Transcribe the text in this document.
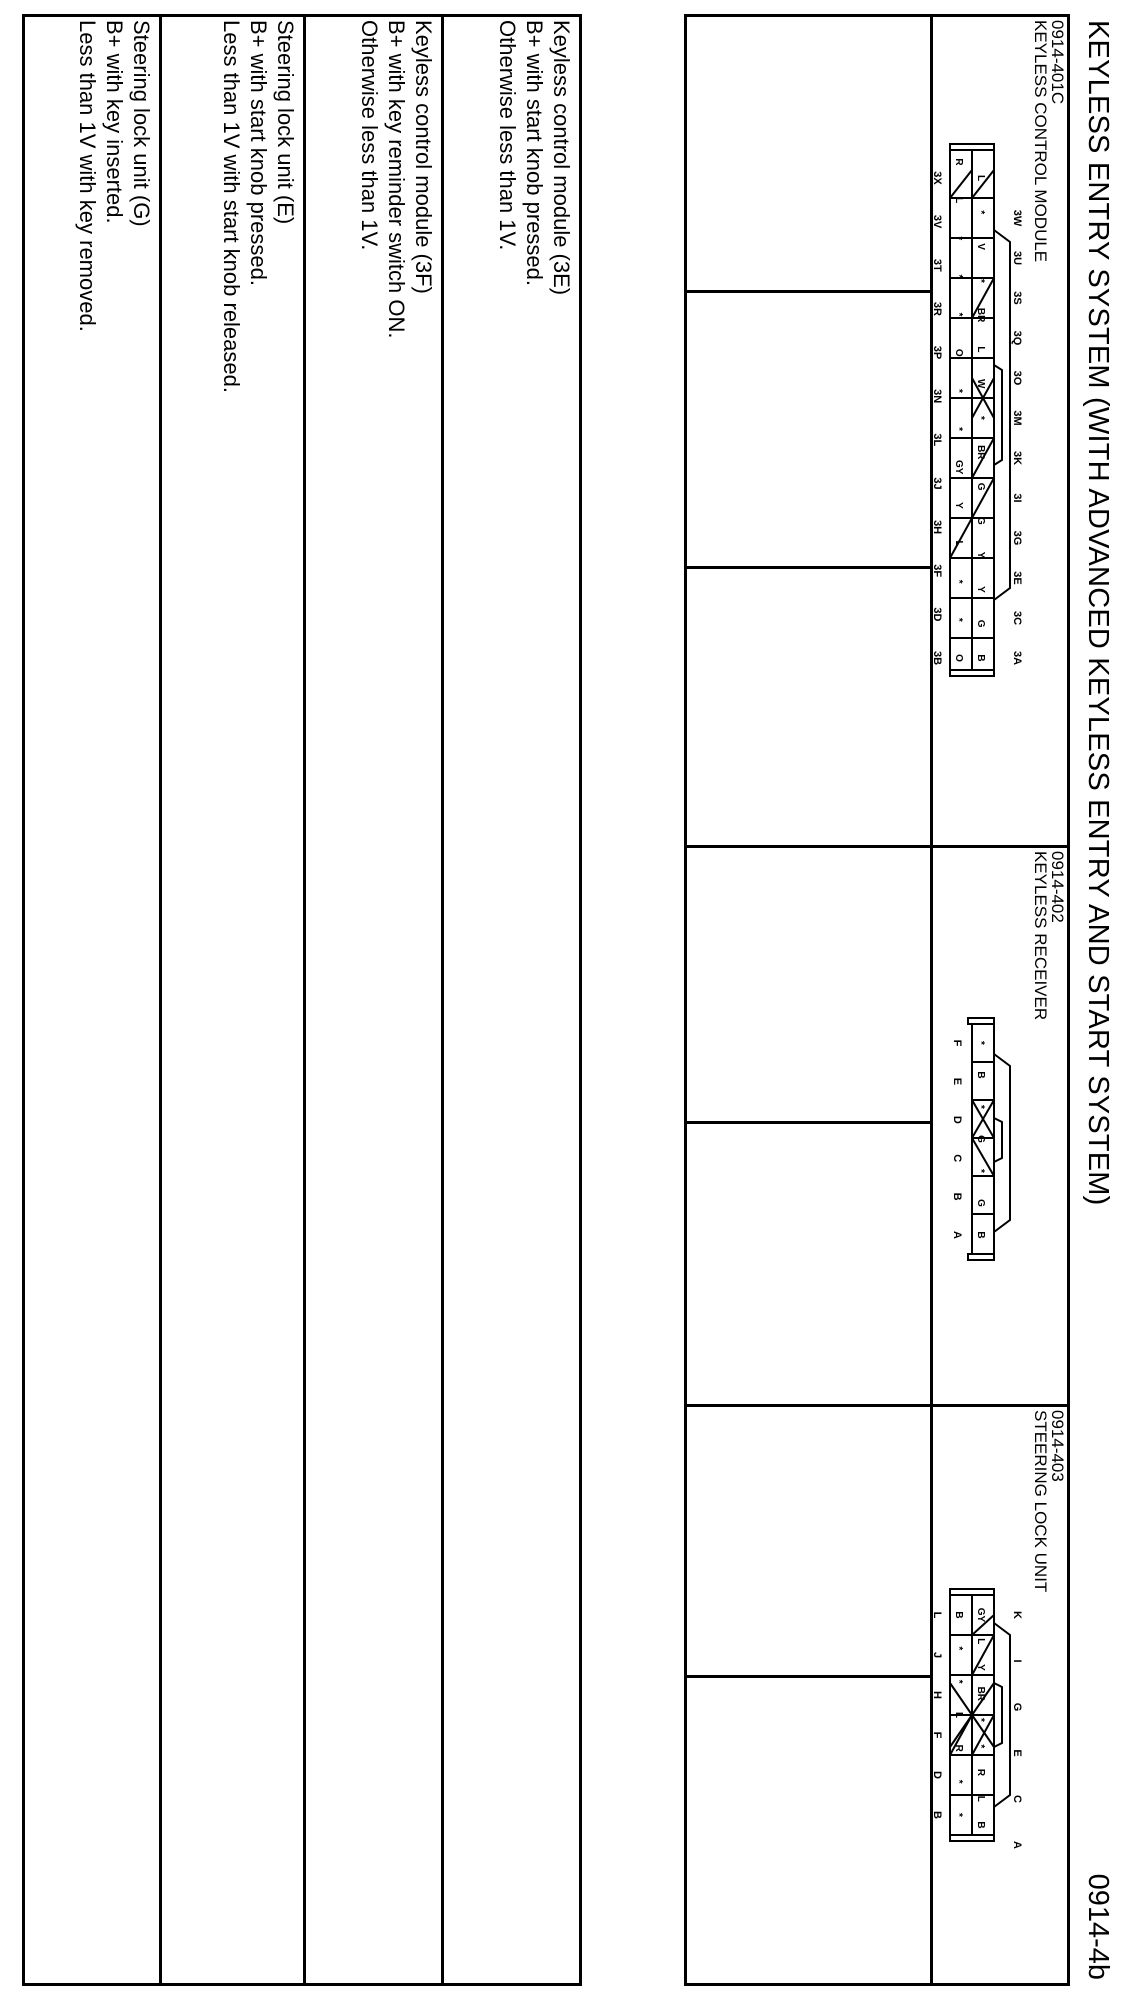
KEYLESS ENTRY SYSTEM (WITH ADVANCED KEYLESS ENTRY AND START SYSTEM)
0914-4b
0914-401C
KEYLESS CONTROL MODULE
0914-402
KEYLESS RECEIVER
0914-403
STEERING LOCK UNIT
3W
3U
3S
3Q
3O
3M
3K
3I
3G
3E
3C
3A
3X
3V
3T
3R
3P
3N
3L
3J
3H
3F
3D
3B
L
*
V
*
BR
L
W
*
BR
G
G
Y
Y
G
B
R
L
*
*
*
O
*
*
GY
Y
L
*
*
O
F
E
D
C
B
A
*
B
*
G
*
G
B
K
I
G
E
C
A
L
J
H
F
D
B
GY
L
Y
BR
*
*
R
L
B
B
*
*
L
R
*
*
Keyless control module (3E)
B+ with start knob pressed.
Otherwise less than 1V.
Keyless control module (3F)
B+ with key reminder switch ON.
Otherwise less than 1V.
Steering lock unit (E)
B+ with start knob pressed.
Less than 1V with start knob released.
Steering lock unit (G)
B+ with key inserted.
Less than 1V with key removed.
